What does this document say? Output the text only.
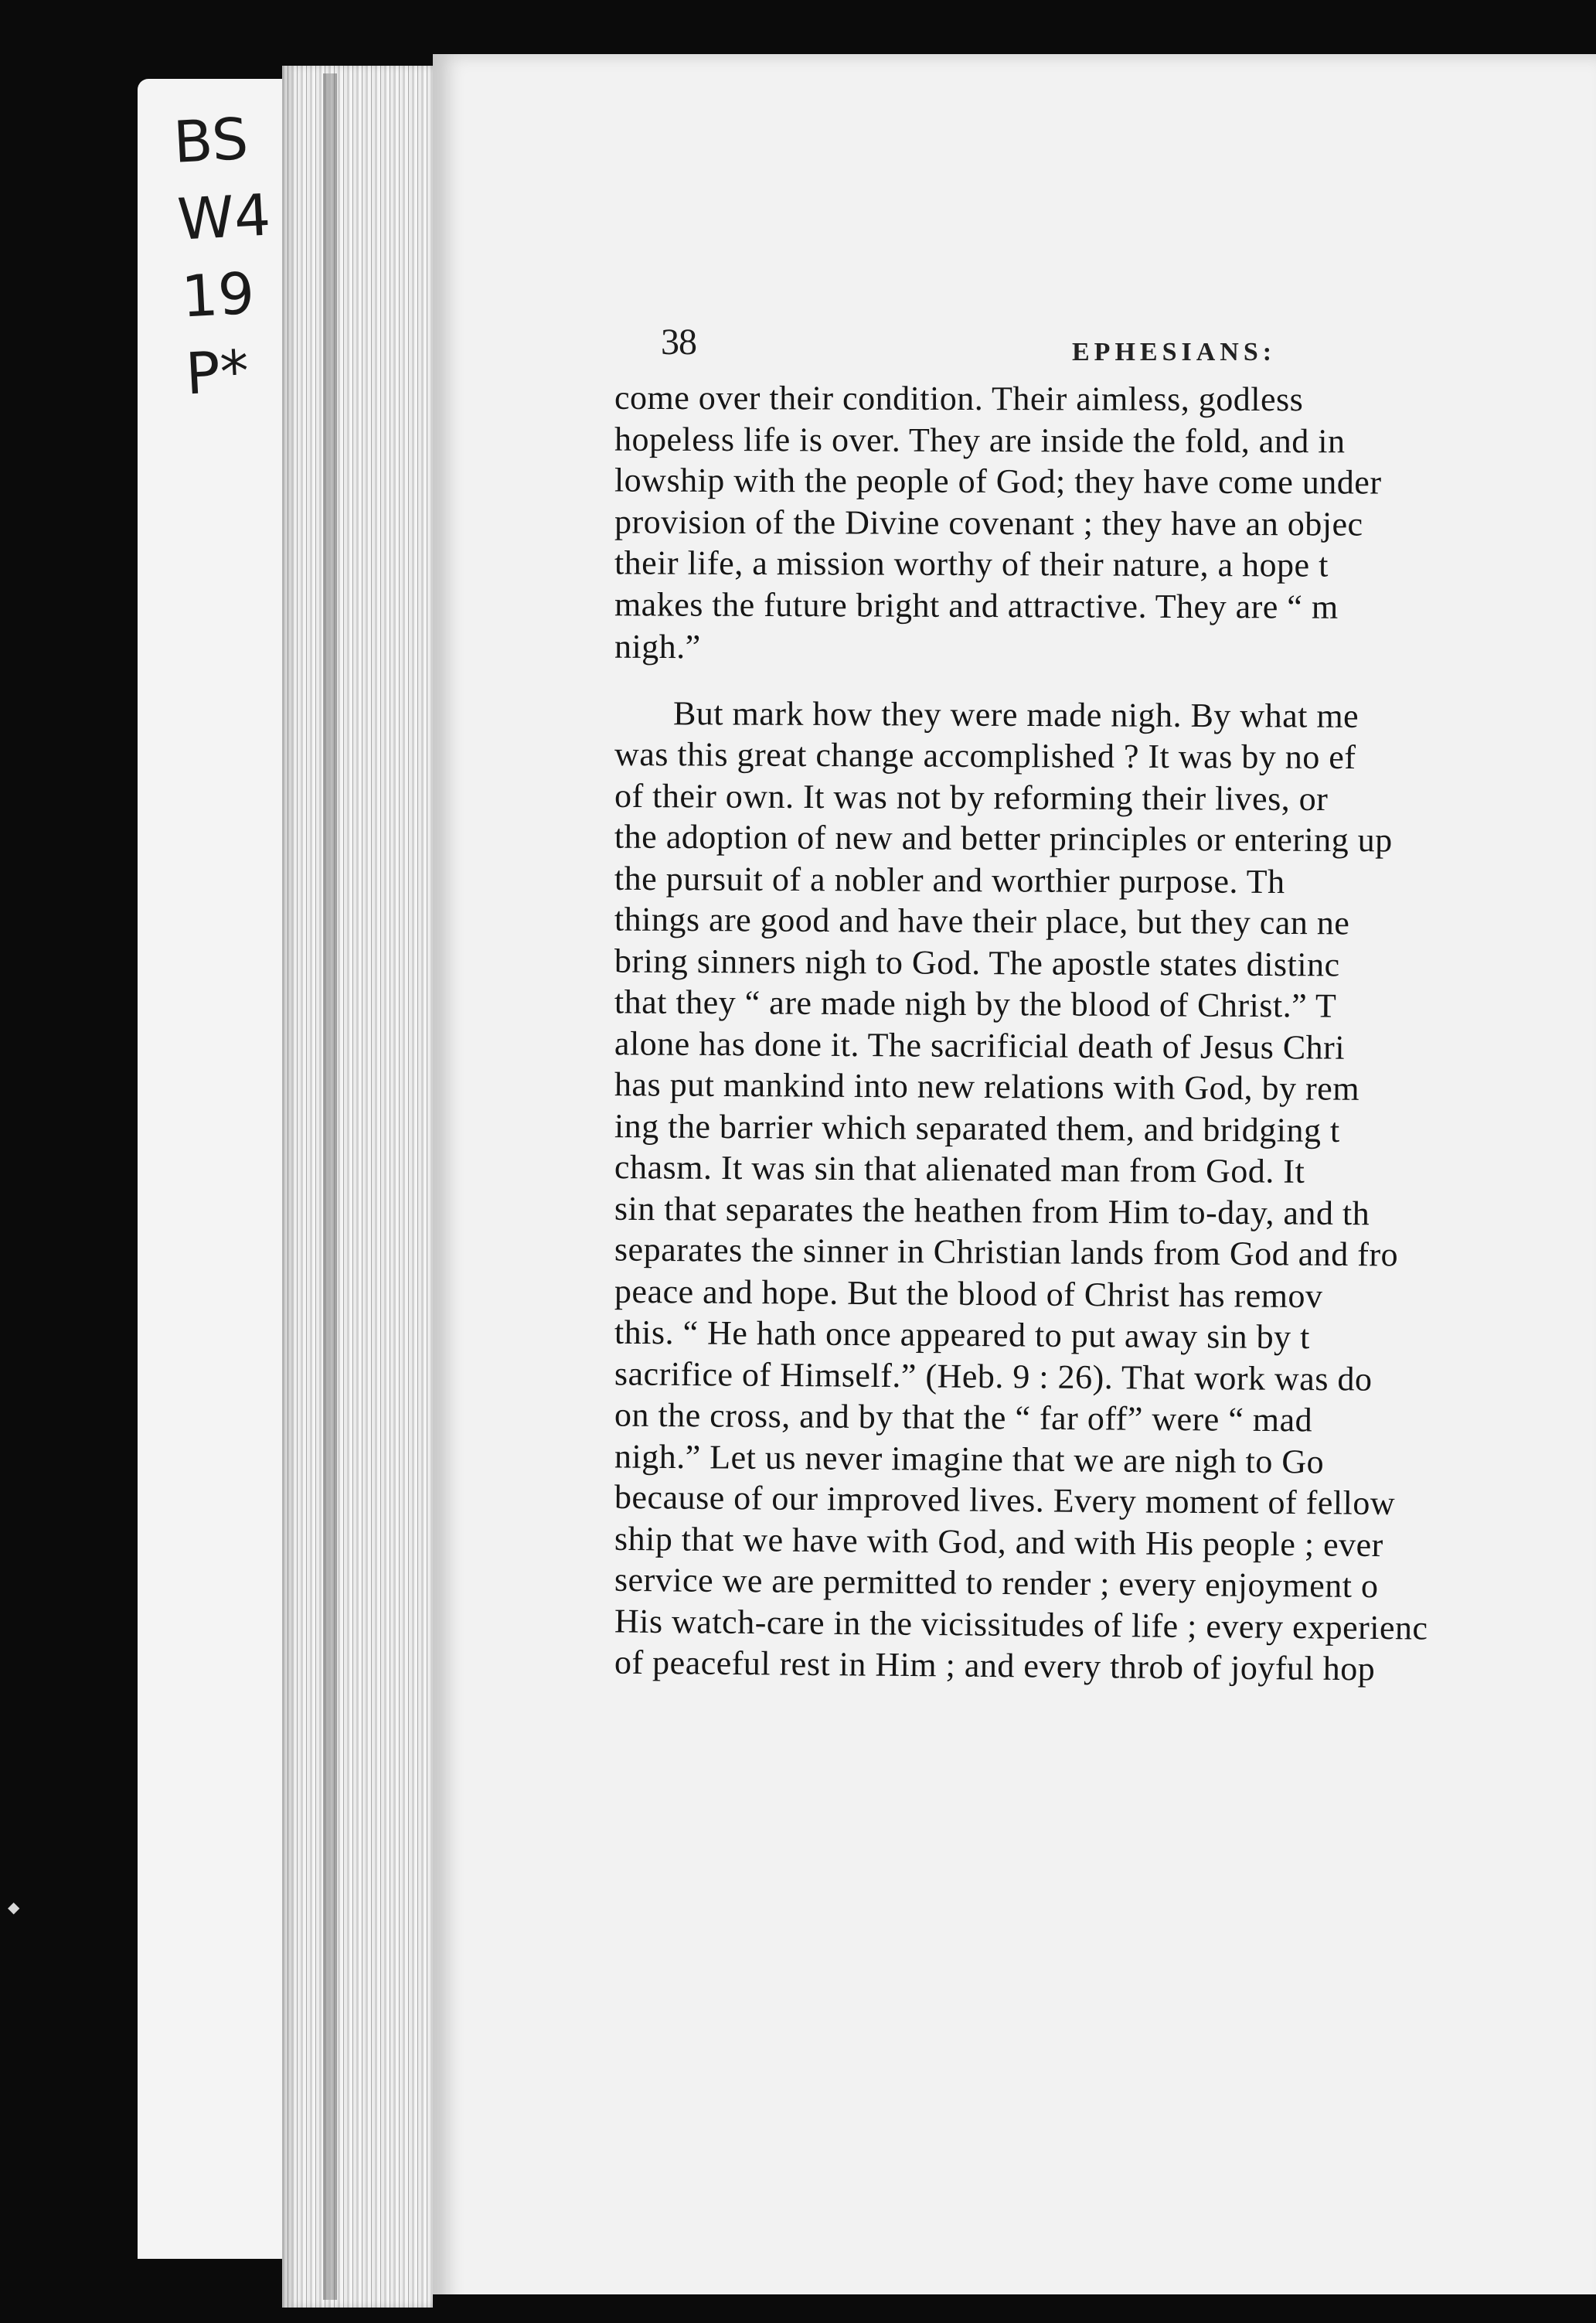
BS
W4
19
P*	38	EPHESIANS:
come over their condition. Their aimless, godless
hopeless life is over. They are inside the fold, and in
lowship with the people of God; they have come under
provision of the Divine covenant ; they have an objec
their life, a mission worthy of their nature, a hope t
makes the future bright and attractive. They are “ m
nigh.”
But mark how they were made nigh. By what me
was this great change accomplished ? It was by no ef
of their own. It was not by reforming their lives, or
the adoption of new and better principles or entering up
the pursuit of a nobler and worthier purpose. Th
things are good and have their place, but they can ne
bring sinners nigh to God. The apostle states distinc
that they “ are made nigh by the blood of Christ.” T
alone has done it. The sacrificial death of Jesus Chri
has put mankind into new relations with God, by rem
ing the barrier which separated them, and bridging t
chasm. It was sin that alienated man from God. It
sin that separates the heathen from Him to-day, and th
separates the sinner in Christian lands from God and fro
peace and hope. But the blood of Christ has remov
this. “ He hath once appeared to put away sin by t
sacrifice of Himself.” (Heb. 9 : 26). That work was do
on the cross, and by that the “ far off” were “ mad
nigh.” Let us never imagine that we are nigh to Go
because of our improved lives. Every moment of fellow
ship that we have with God, and with His people ; ever
service we are permitted to render ; every enjoyment o
His watch-care in the vicissitudes of life ; every experienc
of peaceful rest in Him ; and every throb of joyful hop
◆
